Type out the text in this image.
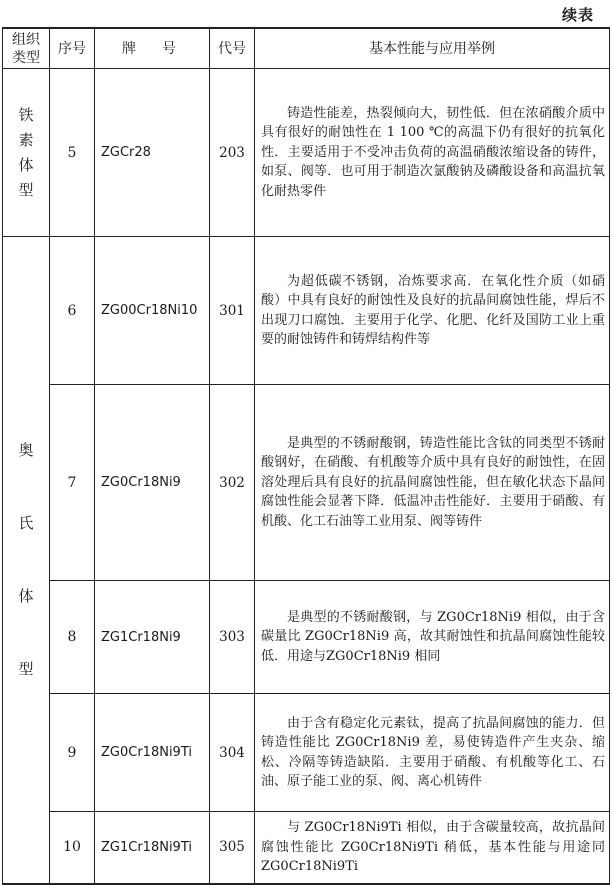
续表
组织
类型	序号	牌　号	代号	基本性能与应用举例

铁
素
体
型	5	ZGCr28	203	铸造性能差，热裂倾向大，韧性低．但在浓硝酸介质中具有很好的耐蚀性在 1 100 ℃的高温下仍有很好的抗氧化性．主要适用于不受冲击负荷的高温硝酸浓缩设备的铸件，如泵、阀等．也可用于制造次氯酸钠及磷酸设备和高温抗氧化耐热零件

奥
氏
体
型	6	ZG00Cr18Ni10	301	为超低碳不锈钢，冶炼要求高．在氧化性介质（如硝酸）中具有良好的耐蚀性及良好的抗晶间腐蚀性能，焊后不出现刀口腐蚀．主要用于化学、化肥、化纤及国防工业上重要的耐蚀铸件和铸焊结构件等

	7	ZG0Cr18Ni9	302	是典型的不锈耐酸钢，铸造性能比含钛的同类型不锈耐酸钢好，在硝酸、有机酸等介质中具有良好的耐蚀性，在固溶处理后具有良好的抗晶间腐蚀性能，但在敏化状态下晶间腐蚀性能会显著下降．低温冲击性能好．主要用于硝酸、有机酸、化工石油等工业用泵、阀等铸件

	8	ZG1Cr18Ni9	303	是典型的不锈耐酸钢，与 ZG0Cr18Ni9 相似，由于含碳量比 ZG0Cr18Ni9 高，故其耐蚀性和抗晶间腐蚀性能较低．用途与ZG0Cr18Ni9 相同

	9	ZG0Cr18Ni9Ti	304	由于含有稳定化元素钛，提高了抗晶间腐蚀的能力．但铸造性能比 ZG0Cr18Ni9 差，易使铸造件产生夹杂、缩松、冷隔等铸造缺陷．主要用于硝酸、有机酸等化工、石油、原子能工业的泵、阀、离心机铸件

	10	ZG1Cr18Ni9Ti	305	与 ZG0Cr18Ni9Ti 相似，由于含碳量较高，故抗晶间腐蚀性能比 ZG0Cr18Ni9Ti 稍低，基本性能与用途同 ZG0Cr18Ni9Ti
